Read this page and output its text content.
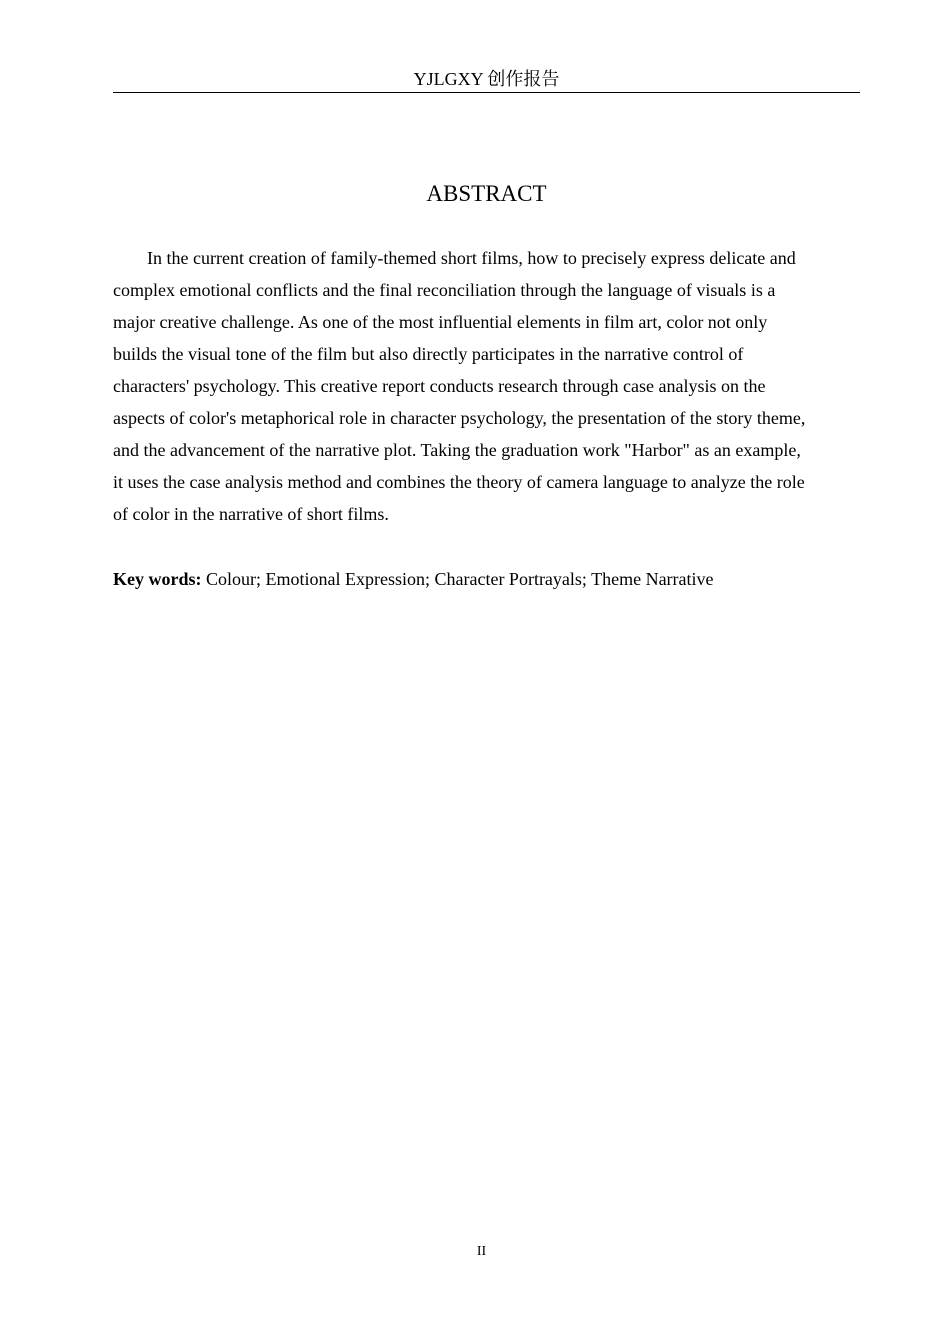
YJLGXY 创作报告
ABSTRACT

In the current creation of family-themed short films, how to precisely express delicate and
complex emotional conflicts and the final reconciliation through the language of visuals is a
major creative challenge. As one of the most influential elements in film art, color not only
builds the visual tone of the film but also directly participates in the narrative control of
characters' psychology. This creative report conducts research through case analysis on the
aspects of color's metaphorical role in character psychology, the presentation of the story theme,
and the advancement of the narrative plot. Taking the graduation work "Harbor" as an example,
it uses the case analysis method and combines the theory of camera language to analyze the role
of color in the narrative of short films.

Key words: Colour; Emotional Expression; Character Portrayals; Theme Narrative
II
